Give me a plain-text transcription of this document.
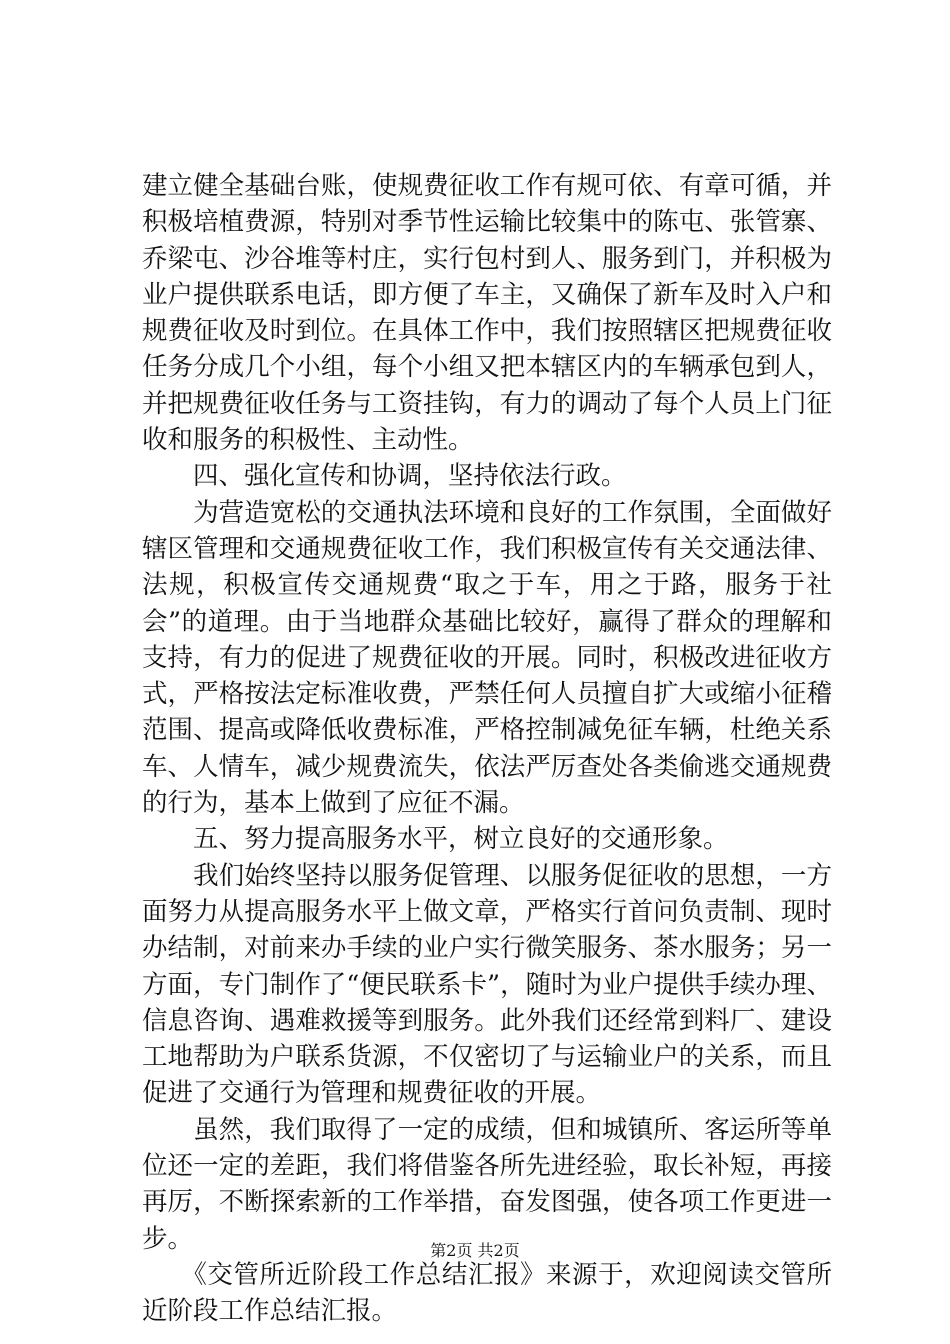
建立健全基础台账，使规费征收工作有规可依、有章可循，并
积极培植费源，特别对季节性运输比较集中的陈屯、张管寨、
乔梁屯、沙谷堆等村庄，实行包村到人、服务到门，并积极为
业户提供联系电话，即方便了车主，又确保了新车及时入户和
规费征收及时到位。在具体工作中，我们按照辖区把规费征收
任务分成几个小组，每个小组又把本辖区内的车辆承包到人，
并把规费征收任务与工资挂钩，有力的调动了每个人员上门征
收和服务的积极性、主动性。
　　四、强化宣传和协调，坚持依法行政。
　　为营造宽松的交通执法环境和良好的工作氛围，全面做好
辖区管理和交通规费征收工作，我们积极宣传有关交通法律、
法规，积极宣传交通规费“取之于车，用之于路，服务于社
会”的道理。由于当地群众基础比较好，赢得了群众的理解和
支持，有力的促进了规费征收的开展。同时，积极改进征收方
式，严格按法定标准收费，严禁任何人员擅自扩大或缩小征稽
范围、提高或降低收费标准，严格控制减免征车辆，杜绝关系
车、人情车，减少规费流失，依法严厉查处各类偷逃交通规费
的行为，基本上做到了应征不漏。
　　五、努力提高服务水平，树立良好的交通形象。
　　我们始终坚持以服务促管理、以服务促征收的思想，一方
面努力从提高服务水平上做文章，严格实行首问负责制、现时
办结制，对前来办手续的业户实行微笑服务、茶水服务；另一
方面，专门制作了“便民联系卡”，随时为业户提供手续办理、
信息咨询、遇难救援等到服务。此外我们还经常到料厂、建设
工地帮助为户联系货源，不仅密切了与运输业户的关系，而且
促进了交通行为管理和规费征收的开展。
　　虽然，我们取得了一定的成绩，但和城镇所、客运所等单
位还一定的差距，我们将借鉴各所先进经验，取长补短，再接
再厉，不断探索新的工作举措，奋发图强，使各项工作更进一
步。
　　《交管所近阶段工作总结汇报》来源于，欢迎阅读交管所
近阶段工作总结汇报。
第2页 共2页
